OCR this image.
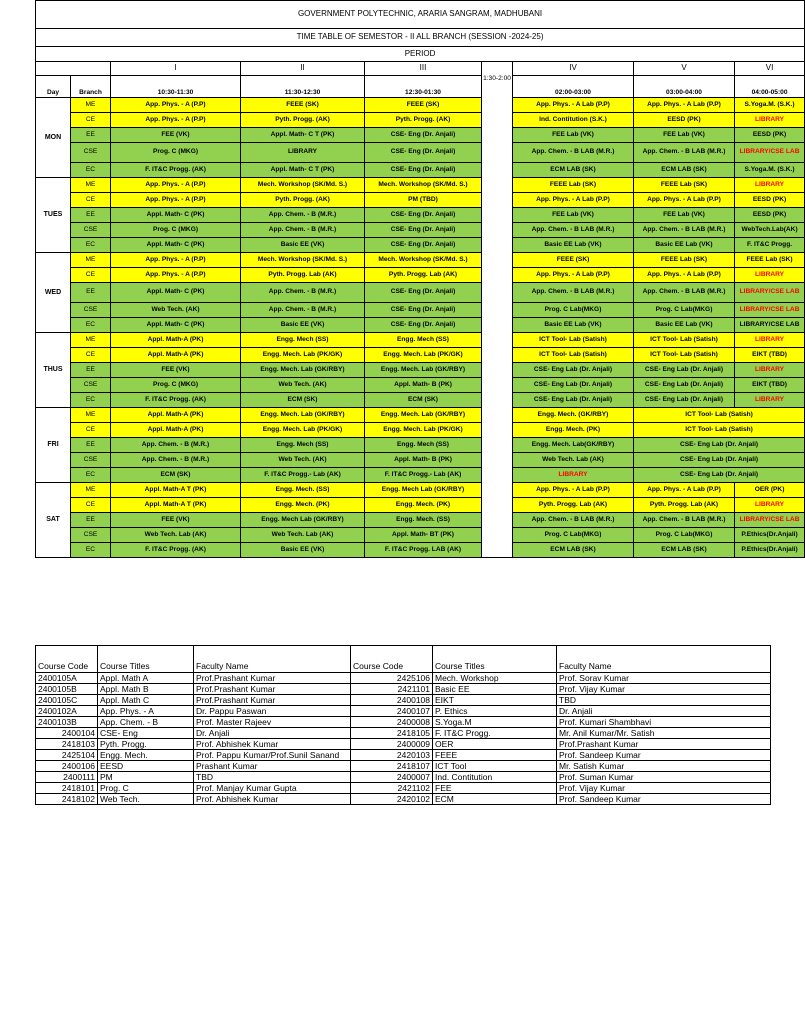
GOVERNMENT POLYTECHNIC, ARARIA SANGRAM, MADHUBANI								
TIME TABLE OF SEMESTOR - II ALL BRANCH (SESSION -2024-25)								
PERIOD								
		I	II	III	1:30-2:00	IV	V	VI
Day	Branch	10:30-11:30	11:30-12:30	12:30-01:30		02:00-03:00	03:00-04:00	04:00-05:00
MON	ME	App. Phys. - A (P.P)	FEEE (SK)	FEEE (SK)		App. Phys. - A Lab (P.P)	App. Phys. - A Lab (P.P)	S.Yoga.M. (S.K.)
	CE	App. Phys. - A (P.P)	Pyth. Progg. (AK)	Pyth. Progg. (AK)		Ind. Contitution (S.K.)	EESD (PK)	LIBRARY
	EE	FEE (VK)	Appl. Math- C T (PK)	CSE- Eng (Dr. Anjali)		FEE Lab (VK)	FEE Lab (VK)	EESD (PK)
	CSE	Prog. C (MKG)	LIBRARY	CSE- Eng (Dr. Anjali)		App. Chem. - B LAB (M.R.)	App. Chem. - B LAB (M.R.)	LIBRARY/CSE LAB
	EC	F. IT&C Progg. (AK)	Appl. Math- C T (PK)	CSE- Eng (Dr. Anjali)		ECM LAB (SK)	ECM LAB (SK)	S.Yoga.M. (S.K.)
TUES	ME	App. Phys. - A (P.P)	Mech. Workshop (SK/Md. S.)	Mech. Workshop (SK/Md. S.)		FEEE Lab (SK)	FEEE Lab (SK)	LIBRARY
	CE	App. Phys. - A (P.P)	Pyth. Progg. (AK)	PM (TBD)		App. Phys. - A Lab (P.P)	App. Phys. - A Lab (P.P)	EESD (PK)
	EE	Appl. Math- C (PK)	App. Chem. - B (M.R.)	CSE- Eng (Dr. Anjali)		FEE Lab (VK)	FEE Lab (VK)	EESD (PK)
	CSE	Prog. C (MKG)	App. Chem. - B (M.R.)	CSE- Eng (Dr. Anjali)		App. Chem. - B LAB (M.R.)	App. Chem. - B LAB (M.R.)	WebTech.Lab(AK)
	EC	Appl. Math- C (PK)	Basic EE (VK)	CSE- Eng (Dr. Anjali)		Basic EE Lab (VK)	Basic EE Lab (VK)	F. IT&C Progg.
WED	ME	App. Phys. - A (P.P)	Mech. Workshop (SK/Md. S.)	Mech. Workshop (SK/Md. S.)		FEEE (SK)	FEEE Lab (SK)	FEEE Lab (SK)
	CE	App. Phys. - A (P.P)	Pyth. Progg. Lab (AK)	Pyth. Progg. Lab (AK)		App. Phys. - A Lab (P.P)	App. Phys. - A Lab (P.P)	LIBRARY
	EE	Appl. Math- C (PK)	App. Chem. - B (M.R.)	CSE- Eng (Dr. Anjali)		App. Chem. - B LAB (M.R.)	App. Chem. - B LAB (M.R.)	LIBRARY/CSE LAB
	CSE	Web Tech. (AK)	App. Chem. - B (M.R.)	CSE- Eng (Dr. Anjali)		Prog. C Lab(MKG)	Prog. C Lab(MKG)	LIBRARY/CSE LAB
	EC	Appl. Math- C (PK)	Basic EE (VK)	CSE- Eng (Dr. Anjali)		Basic EE Lab (VK)	Basic EE Lab (VK)	LIBRARY/CSE LAB
THUS	ME	Appl. Math-A (PK)	Engg. Mech (SS)	Engg. Mech (SS)		ICT Tool- Lab (Satish)	ICT Tool- Lab (Satish)	LIBRARY
	CE	Appl. Math-A (PK)	Engg. Mech. Lab (PK/GK)	Engg. Mech. Lab (PK/GK)		ICT Tool- Lab (Satish)	ICT Tool- Lab (Satish)	EIKT (TBD)
	EE	FEE (VK)	Engg. Mech. Lab (GK/RBY)	Engg. Mech. Lab (GK/RBY)		CSE- Eng Lab (Dr. Anjali)	CSE- Eng Lab (Dr. Anjali)	LIBRARY
	CSE	Prog. C (MKG)	Web Tech. (AK)	Appl. Math- B (PK)		CSE- Eng Lab (Dr. Anjali)	CSE- Eng Lab (Dr. Anjali)	EIKT (TBD)
	EC	F. IT&C Progg. (AK)	ECM (SK)	ECM (SK)		CSE- Eng Lab (Dr. Anjali)	CSE- Eng Lab (Dr. Anjali)	LIBRARY
FRI	ME	Appl. Math-A (PK)	Engg. Mech. Lab (GK/RBY)	Engg. Mech. Lab (GK/RBY)		Engg. Mech. (GK/RBY)	ICT Tool- Lab (Satish)	
	CE	Appl. Math-A (PK)	Engg. Mech. Lab (PK/GK)	Engg. Mech. Lab (PK/GK)		Engg. Mech. (PK)	ICT Tool- Lab (Satish)	
	EE	App. Chem. - B (M.R.)	Engg. Mech (SS)	Engg. Mech (SS)		Engg. Mech. Lab(GK/RBY)	CSE- Eng Lab (Dr. Anjali)	
	CSE	App. Chem. - B (M.R.)	Web Tech. (AK)	Appl. Math- B (PK)		Web Tech. Lab (AK)	CSE- Eng Lab (Dr. Anjali)	
	EC	ECM (SK)	F. IT&C Progg.- Lab (AK)	F. IT&C Progg.- Lab (AK)		LIBRARY	CSE- Eng Lab (Dr. Anjali)	
SAT	ME	Appl. Math-A T (PK)	Engg. Mech. (SS)	Engg. Mech Lab (GK/RBY)		App. Phys. - A Lab (P.P)	App. Phys. - A Lab (P.P)	OER (PK)
	CE	Appl. Math-A T (PK)	Engg. Mech. (PK)	Engg. Mech. (PK)		Pyth. Progg. Lab (AK)	Pyth. Progg. Lab (AK)	LIBRARY
	EE	FEE (VK)	Engg. Mech Lab (GK/RBY)	Engg. Mech. (SS)		App. Chem. - B LAB (M.R.)	App. Chem. - B LAB (M.R.)	LIBRARY/CSE LAB
	CSE	Web Tech. Lab (AK)	Web Tech. Lab (AK)	Appl. Math- BT (PK)		Prog. C Lab(MKG)	Prog. C Lab(MKG)	P.Ethics(Dr.Anjali)
	EC	F. IT&C Progg. (AK)	Basic EE (VK)	F. IT&C Progg. LAB (AK)		ECM LAB (SK)	ECM LAB (SK)	P.Ethics(Dr.Anjali)
Course Code	Course Titles	Faculty Name	Course Code	Course Titles	Faculty Name
2400105A	Appl. Math A	Prof.Prashant Kumar	2425106	Mech. Workshop	Prof. Sorav Kumar
2400105B	Appl. Math B	Prof.Prashant Kumar	2421101	Basic EE	Prof. Vijay Kumar
2400105C	Appl. Math C	Prof.Prashant Kumar	2400108	EIKT	TBD
2400102A	App. Phys. - A	Dr. Pappu Paswan	2400107	P. Ethics	Dr. Anjali
2400103B	App. Chem. - B	Prof. Master Rajeev	2400008	S.Yoga.M	Prof. Kumari Shambhavi
2400104	CSE- Eng	Dr. Anjali	2418105	F. IT&C Progg.	Mr. Anil Kumar/Mr. Satish
2418103	Pyth. Progg.	Prof. Abhishek Kumar	2400009	OER	Prof.Prashant Kumar
2425104	Engg. Mech.	Prof. Pappu Kumar/Prof.Sunil Sanand	2420103	FEEE	Prof. Sandeep Kumar
2400106	EESD	Prashant Kumar	2418107	ICT Tool	Mr. Satish Kumar
2400111	PM	TBD	2400007	Ind. Contitution	Prof. Suman Kumar
2418101	Prog. C	Prof. Manjay Kumar Gupta	2421102	FEE	Prof. Vijay Kumar
2418102	Web Tech.	Prof. Abhishek Kumar	2420102	ECM	Prof. Sandeep Kumar
